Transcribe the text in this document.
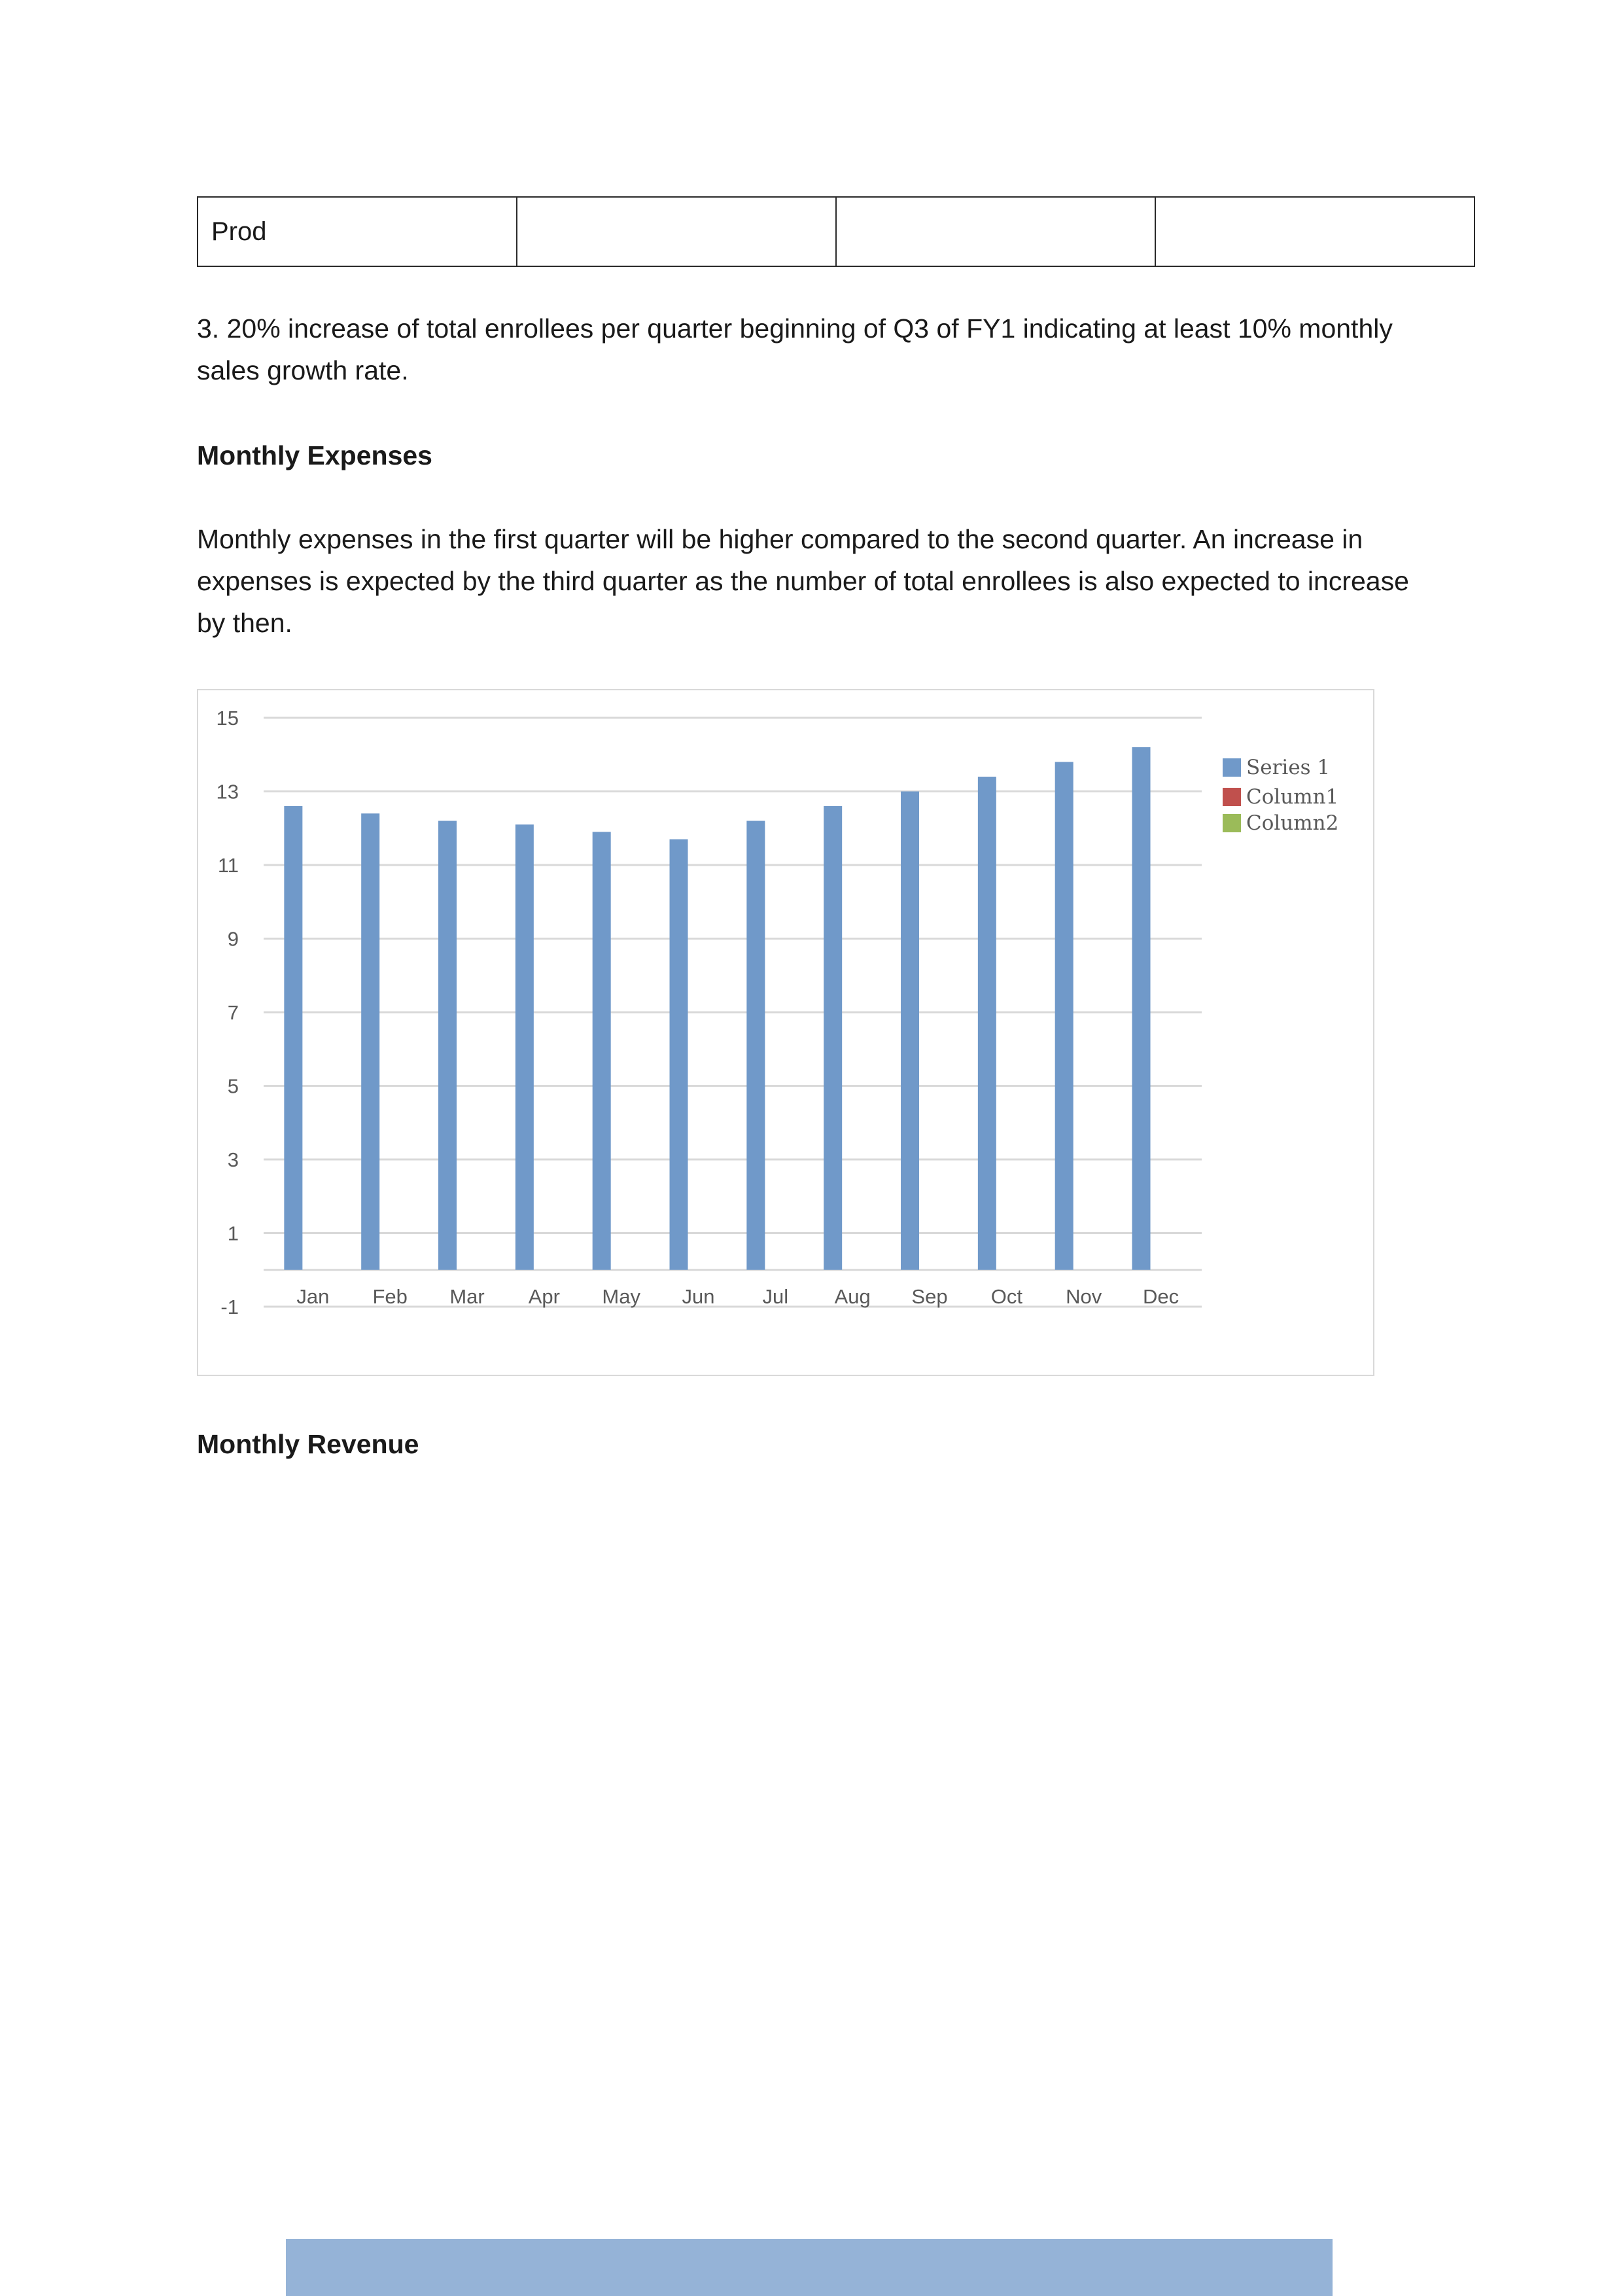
Prod			
3. 20% increase of total enrollees per quarter beginning of Q3 of FY1 indicating at least 10% monthly sales growth rate.
Monthly Expenses
Monthly expenses in the first quarter will be higher compared to the second quarter. An increase in expenses is expected by the third quarter as the number of total enrollees is also expected to increase by then.
15
13
11
9
7
5
3
1
-1	Jan Feb Mar Apr May Jun Jul Aug Sep Oct Nov Dec
Series 1
Column1
Column2
Monthly Revenue
